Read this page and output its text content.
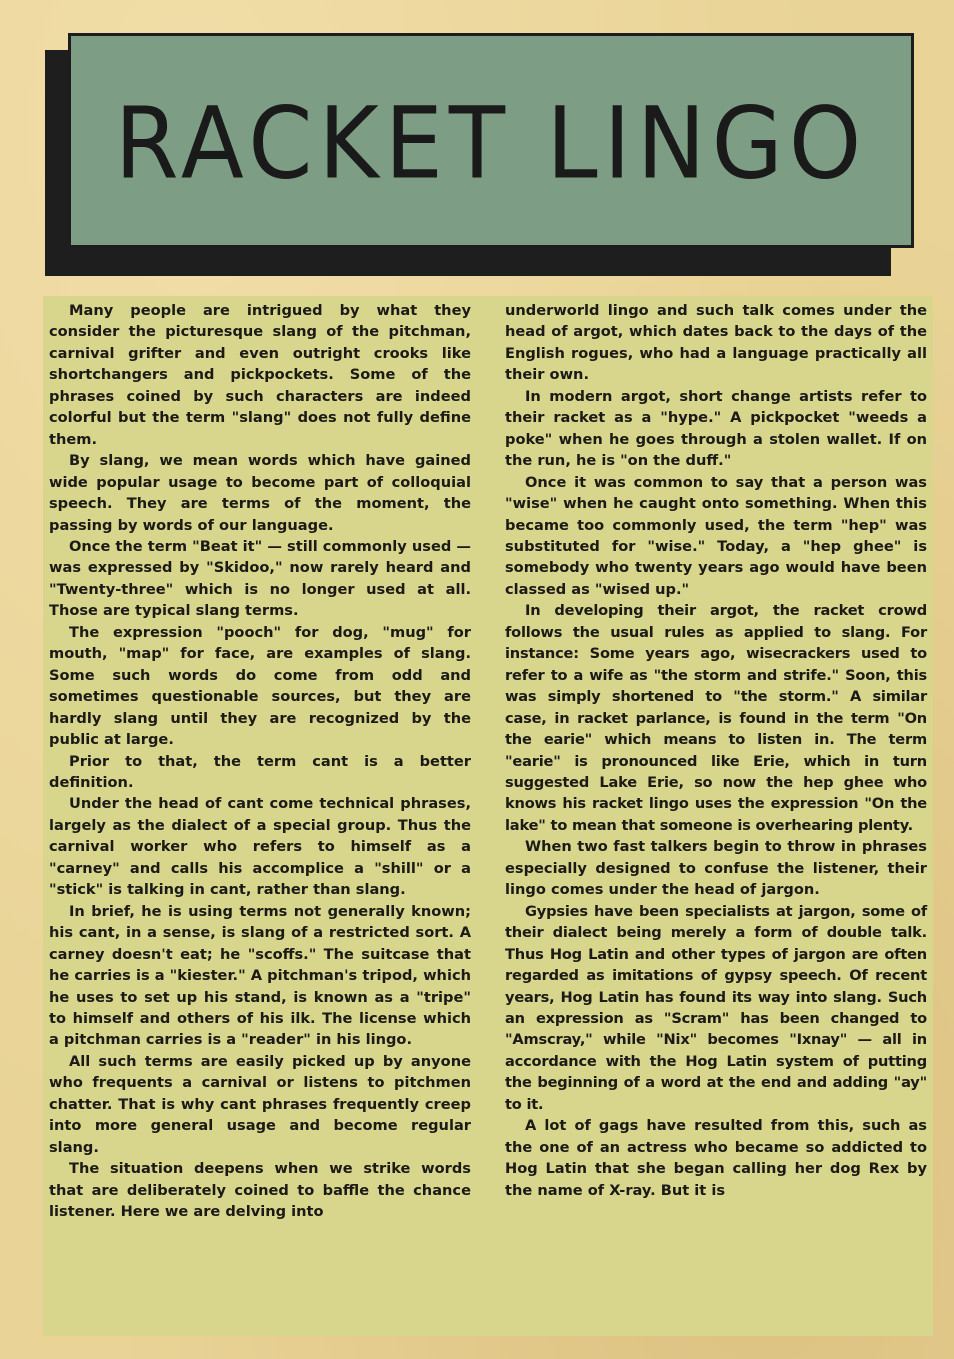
RACKET LINGO

Many people are intrigued by what they consider the picturesque slang of the pitchman, carnival grifter and even outright crooks like shortchangers and pickpockets. Some of the phrases coined by such characters are indeed colorful but the term "slang" does not fully define them.

By slang, we mean words which have gained wide popular usage to become part of colloquial speech. They are terms of the moment, the passing by words of our language.

Once the term "Beat it" — still commonly used — was expressed by "Skidoo," now rarely heard and "Twenty-three" which is no longer used at all. Those are typical slang terms.

The expression "pooch" for dog, "mug" for mouth, "map" for face, are examples of slang. Some such words do come from odd and sometimes questionable sources, but they are hardly slang until they are recognized by the public at large.

Prior to that, the term cant is a better definition.

Under the head of cant come technical phrases, largely as the dialect of a special group. Thus the carnival worker who refers to himself as a "carney" and calls his accomplice a "shill" or a "stick" is talking in cant, rather than slang.

In brief, he is using terms not generally known; his cant, in a sense, is slang of a restricted sort. A carney doesn't eat; he "scoffs." The suitcase that he carries is a "kiester." A pitchman's tripod, which he uses to set up his stand, is known as a "tripe" to himself and others of his ilk. The license which a pitchman carries is a "reader" in his lingo.

All such terms are easily picked up by anyone who frequents a carnival or listens to pitchmen chatter. That is why cant phrases frequently creep into more general usage and become regular slang.

The situation deepens when we strike words that are deliberately coined to baffle the chance listener. Here we are delving into

underworld lingo and such talk comes under the head of argot, which dates back to the days of the English rogues, who had a language practically all their own.

In modern argot, short change artists refer to their racket as a "hype." A pickpocket "weeds a poke" when he goes through a stolen wallet. If on the run, he is "on the duff."

Once it was common to say that a person was "wise" when he caught onto something. When this became too commonly used, the term "hep" was substituted for "wise." Today, a "hep ghee" is somebody who twenty years ago would have been classed as "wised up."

In developing their argot, the racket crowd follows the usual rules as applied to slang. For instance: Some years ago, wisecrackers used to refer to a wife as "the storm and strife." Soon, this was simply shortened to "the storm." A similar case, in racket parlance, is found in the term "On the earie" which means to listen in. The term "earie" is pronounced like Erie, which in turn suggested Lake Erie, so now the hep ghee who knows his racket lingo uses the expression "On the lake" to mean that someone is overhearing plenty.

When two fast talkers begin to throw in phrases especially designed to confuse the listener, their lingo comes under the head of jargon.

Gypsies have been specialists at jargon, some of their dialect being merely a form of double talk. Thus Hog Latin and other types of jargon are often regarded as imitations of gypsy speech. Of recent years, Hog Latin has found its way into slang. Such an expression as "Scram" has been changed to "Amscray," while "Nix" becomes "Ixnay" — all in accordance with the Hog Latin system of putting the beginning of a word at the end and adding "ay" to it.

A lot of gags have resulted from this, such as the one of an actress who became so addicted to Hog Latin that she began calling her dog Rex by the name of X-ray. But it is
